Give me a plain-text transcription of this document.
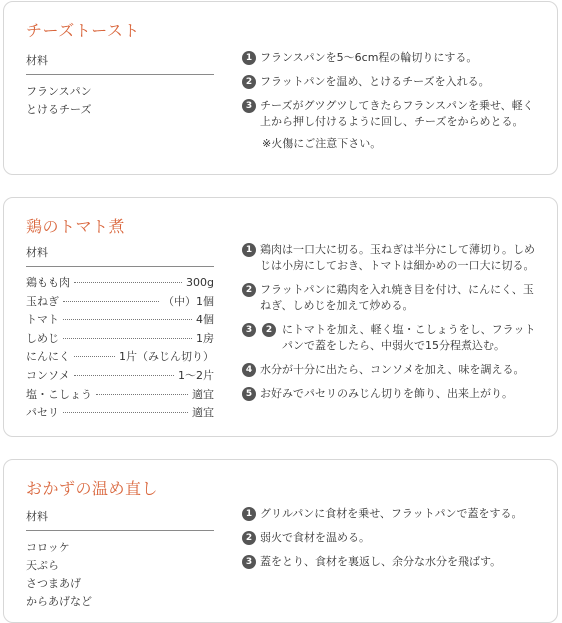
チーズトースト
材料
フランスパン
とけるチーズ
1 フランスパンを5～6cm程の輪切りにする。
2 フラットパンを温め、とけるチーズを入れる。
3 チーズがグツグツしてきたらフランスパンを乗せ、軽く上から押し付けるように回し、チーズをからめとる。
※火傷にご注意下さい。
鶏のトマト煮
材料
鶏もも肉	300g
玉ねぎ	（中）1個
トマト	4個
しめじ	1房
にんにく	1片（みじん切り）
コンソメ	1～2片
塩・こしょう	適宜
パセリ	適宜
1 鶏肉は一口大に切る。玉ねぎは半分にして薄切り。しめじは小房にしておき、トマトは細かめの一口大に切る。
2 フラットパンに鶏肉を入れ焼き目を付け、にんにく、玉ねぎ、しめじを加えて炒める。
3	2 にトマトを加え、軽く塩・こしょうをし、フラットパンで蓋をしたら、中弱火で15分程煮込む。
4 水分が十分に出たら、コンソメを加え、味を調える。
5 お好みでパセリのみじん切りを飾り、出来上がり。
おかずの温め直し
材料
コロッケ
天ぷら
さつまあげ
からあげなど
1 グリルパンに食材を乗せ、フラットパンで蓋をする。
2 弱火で食材を温める。
3 蓋をとり、食材を裏返し、余分な水分を飛ばす。
